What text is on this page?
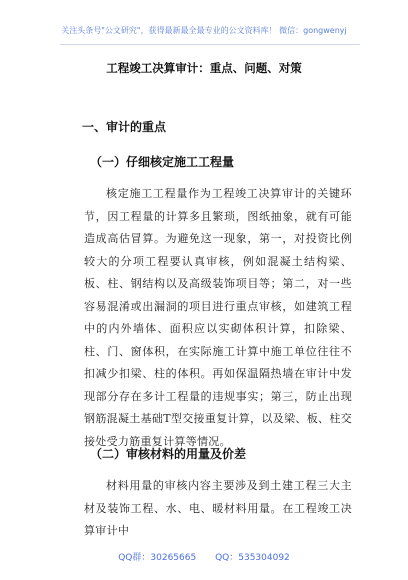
关注头条号"公文研究"，获得最新最全最专业的公文资料库！ 微信：gongwenyj
工程竣工决算审计：重点、问题、对策
一、审计的重点
（一）仔细核定施工工程量
核定施工工程量作为工程竣工决算审计的关键环节，因工程量的计算多且繁琐，图纸抽象，就有可能造成高估冒算。为避免这一现象，第一，对投资比例较大的分项工程要认真审核，例如混凝土结构梁、板、柱、钢结构以及高级装饰项目等；第二，对一些容易混淆或出漏洞的项目进行重点审核，如建筑工程中的内外墙体、面积应以实砌体积计算，扣除梁、柱、门、窗体积，在实际施工计算中施工单位往往不扣减少扣梁、柱的体积。再如保温隔热墙在审计中发现部分存在多计工程量的违规事实；第三，防止出现钢筋混凝土基础T型交接重复计算，以及梁、板、柱交接处受力筋重复计算等情况。
（二）审核材料的用量及价差
材料用量的审核内容主要涉及到土建工程三大主材及装饰工程、水、电、暖材料用量。在工程竣工决算审计中
QQ群：30265665 QQ：535304092
